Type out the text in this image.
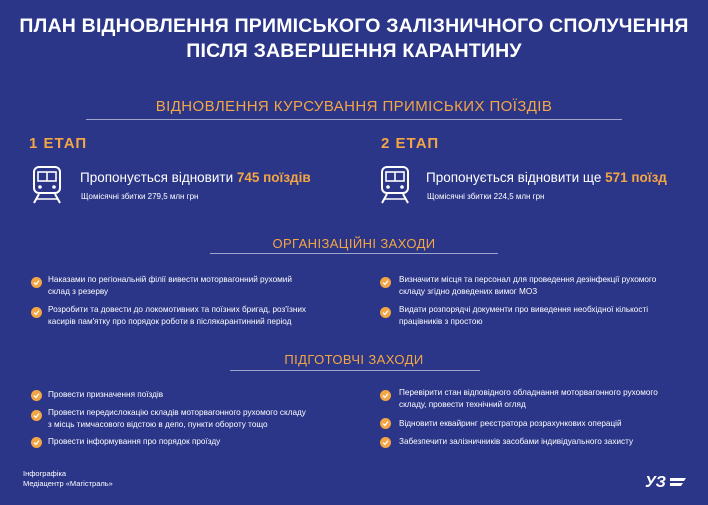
ПЛАН ВІДНОВЛЕННЯ ПРИМІСЬКОГО ЗАЛІЗНИЧНОГО СПОЛУЧЕННЯ
ПІСЛЯ ЗАВЕРШЕННЯ КАРАНТИНУ
ВІДНОВЛЕННЯ КУРСУВАННЯ ПРИМІСЬКИХ ПОЇЗДІВ
1 ЕТАП	2 ЕТАП
Пропонується відновити 745 поїздів
Щомісячні збитки 279,5 млн грн
Пропонується відновити ще 571 поїзд
Щомісячні збитки 224,5 млн грн
ОРГАНІЗАЦІЙНІ ЗАХОДИ
Наказами по регіональній філії вивести моторвагонний рухомий
склад з резерву
Розробити та довести до локомотивних та поїзних бригад, роз'їзних
касирів пам'ятку про порядок роботи в післякарантинний період
Визначити місця та персонал для проведення дезінфекції рухомого
складу згідно доведених вимог МОЗ
Видати розпорядчі документи про виведення необхідної кількості
працівників з простою
ПІДГОТОВЧІ ЗАХОДИ
Провести призначення поїздів
Провести передислокацію складів моторвагонного рухомого складу
з місць тимчасового відстою в депо, пункти обороту тощо
Провести інформування про порядок проїзду
Перевірити стан відповідного обладнання моторвагонного рухомого
складу, провести технічний огляд
Відновити еквайринг реєстратора розрахункових операцій
Забезпечити залізничників засобами індивідуального захисту
Інфографіка
Медіацентр «Магістраль»	УЗ
